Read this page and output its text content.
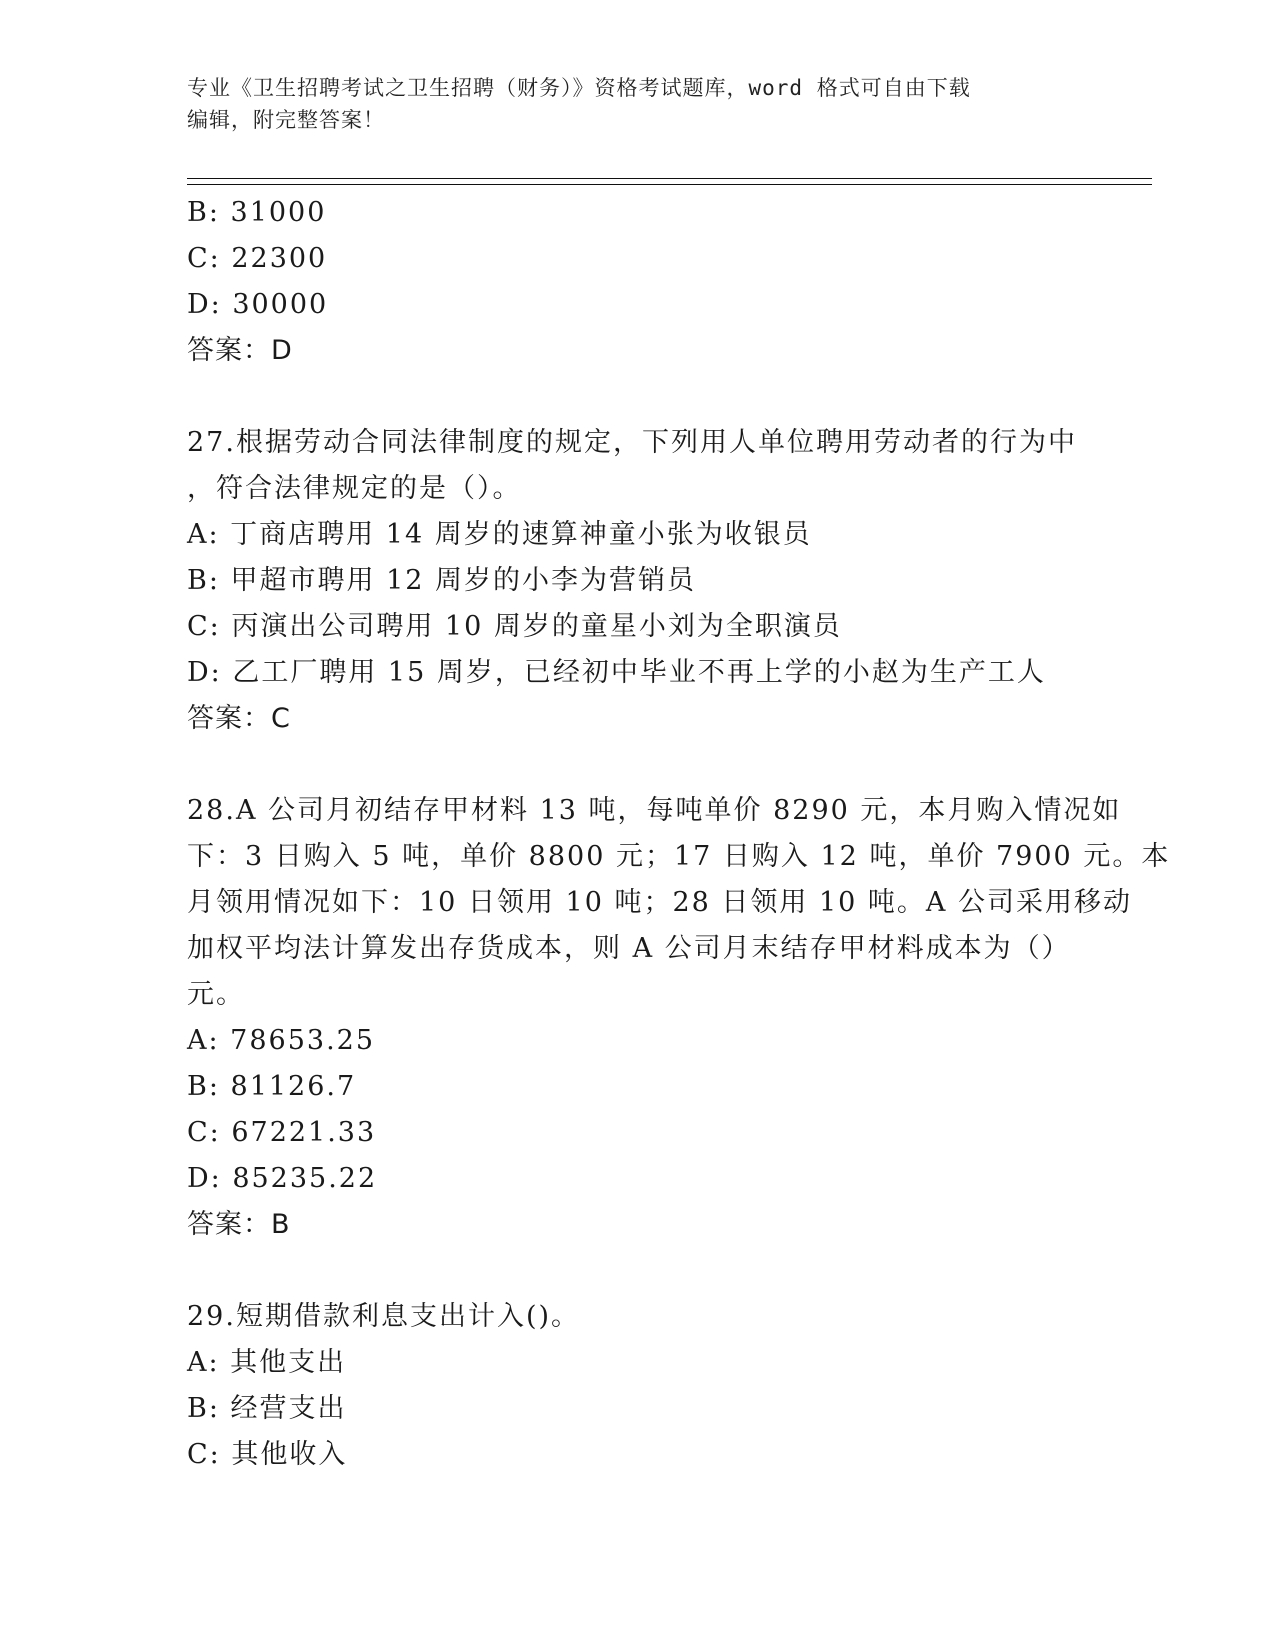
专业《卫生招聘考试之卫生招聘（财务）》资格考试题库，word 格式可自由下载
编辑，附完整答案！
B: 31000
C: 22300
D: 30000
答案：D
27.根据劳动合同法律制度的规定，下列用人单位聘用劳动者的行为中
，符合法律规定的是（）。
A: 丁商店聘用 14 周岁的速算神童小张为收银员
B: 甲超市聘用 12 周岁的小李为营销员
C: 丙演出公司聘用 10 周岁的童星小刘为全职演员
D: 乙工厂聘用 15 周岁，已经初中毕业不再上学的小赵为生产工人
答案：C
28.A 公司月初结存甲材料 13 吨，每吨单价 8290 元，本月购入情况如
下：3 日购入 5 吨，单价 8800 元；17 日购入 12 吨，单价 7900 元。本
月领用情况如下：10 日领用 10 吨；28 日领用 10 吨。A 公司采用移动
加权平均法计算发出存货成本，则 A 公司月末结存甲材料成本为（）
元。
A: 78653.25
B: 81126.7
C: 67221.33
D: 85235.22
答案：B
29.短期借款利息支出计入()。
A: 其他支出
B: 经营支出
C: 其他收入
